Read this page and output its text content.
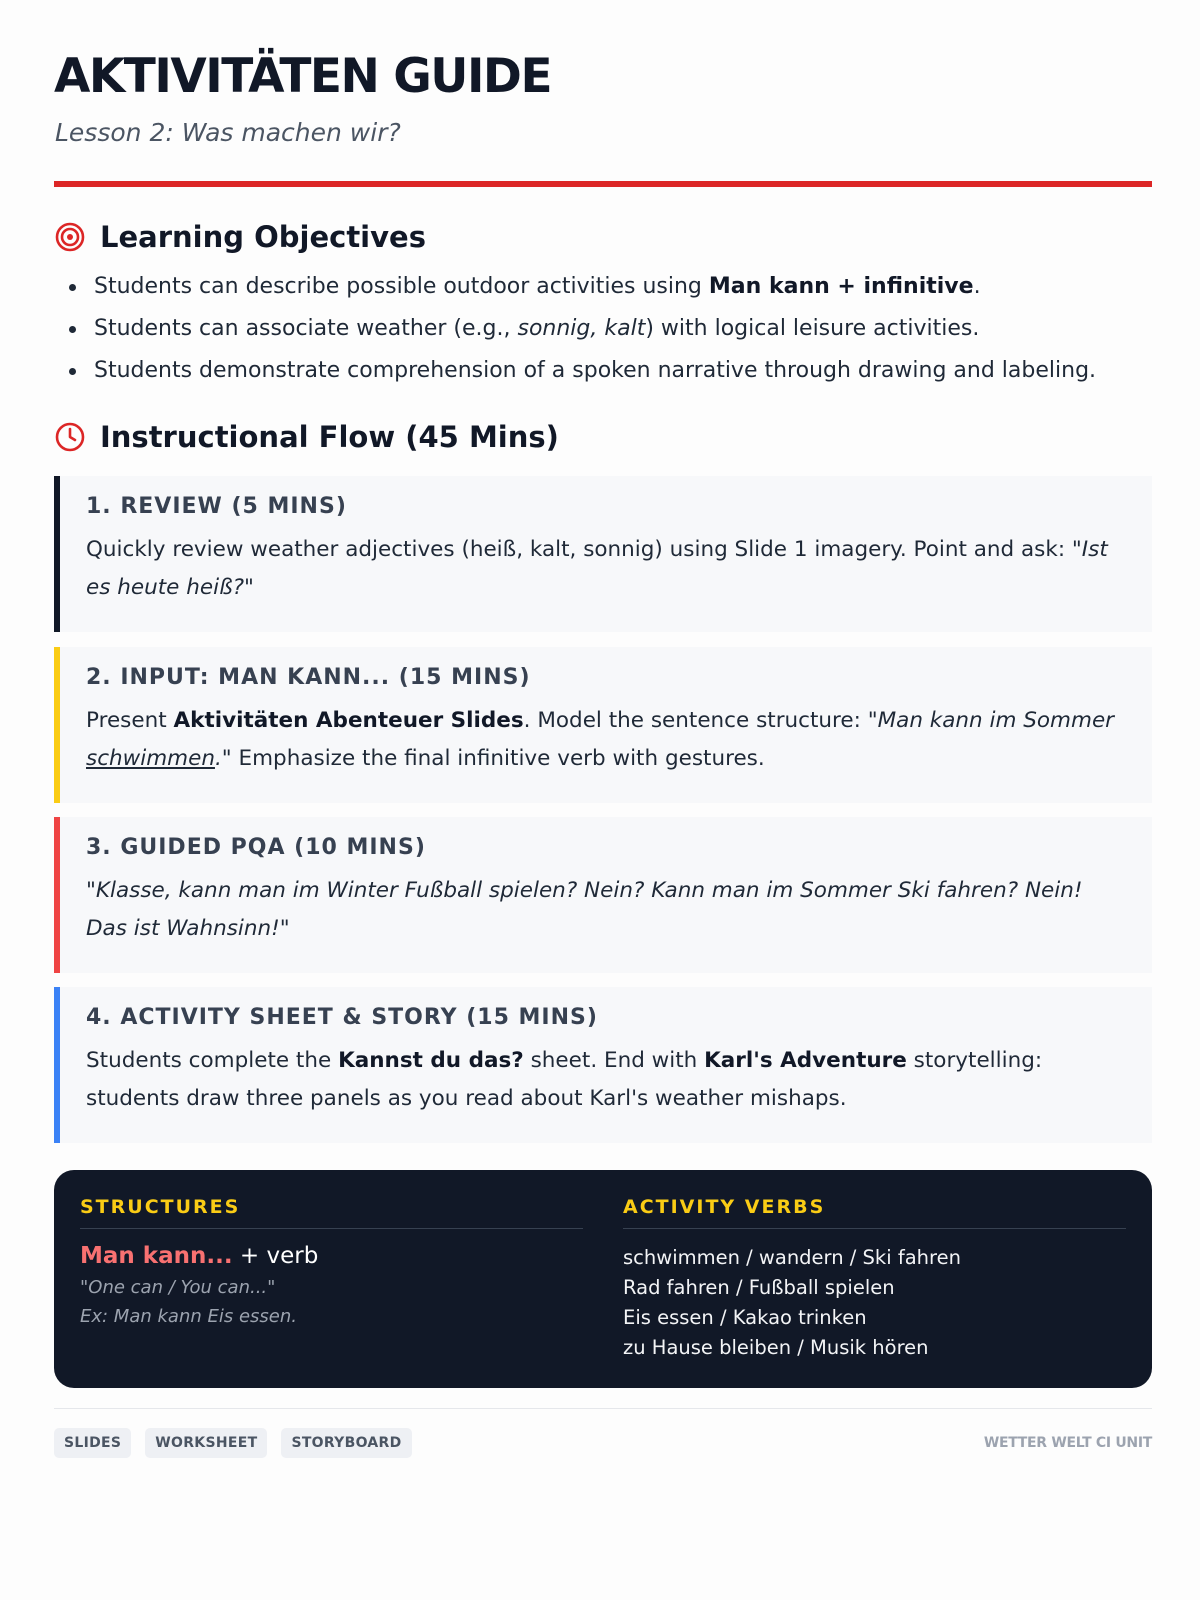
AKTIVITÄTEN GUIDE

Lesson 2: Was machen wir?

Learning Objectives
Students can describe possible outdoor activities using Man kann + infinitive.
Students can associate weather (e.g., sonnig, kalt) with logical leisure activities.
Students demonstrate comprehension of a spoken narrative through drawing and labeling.
Instructional Flow (45 Mins)
1. REVIEW (5 MINS)

Quickly review weather adjectives (heiß, kalt, sonnig) using Slide 1 imagery. Point and ask: "Ist es heute heiß?"

2. INPUT: MAN KANN... (15 MINS)

Present Aktivitäten Abenteuer Slides. Model the sentence structure: "Man kann im Sommer schwimmen." Emphasize the final infinitive verb with gestures.

3. GUIDED PQA (10 MINS)

"Klasse, kann man im Winter Fußball spielen? Nein? Kann man im Sommer Ski fahren? Nein! Das ist Wahnsinn!"

4. ACTIVITY SHEET & STORY (15 MINS)

Students complete the Kannst du das? sheet. End with Karl's Adventure storytelling: students draw three panels as you read about Karl's weather mishaps.

STRUCTURES
Man kann... + verb
"One can / You can..."
Ex: Man kann Eis essen.
ACTIVITY VERBS
schwimmen / wandern / Ski fahren
Rad fahren / Fußball spielen
Eis essen / Kakao trinken
zu Hause bleiben / Musik hören
SLIDES	WORKSHEET	STORYBOARD	WETTER WELT CI UNIT
